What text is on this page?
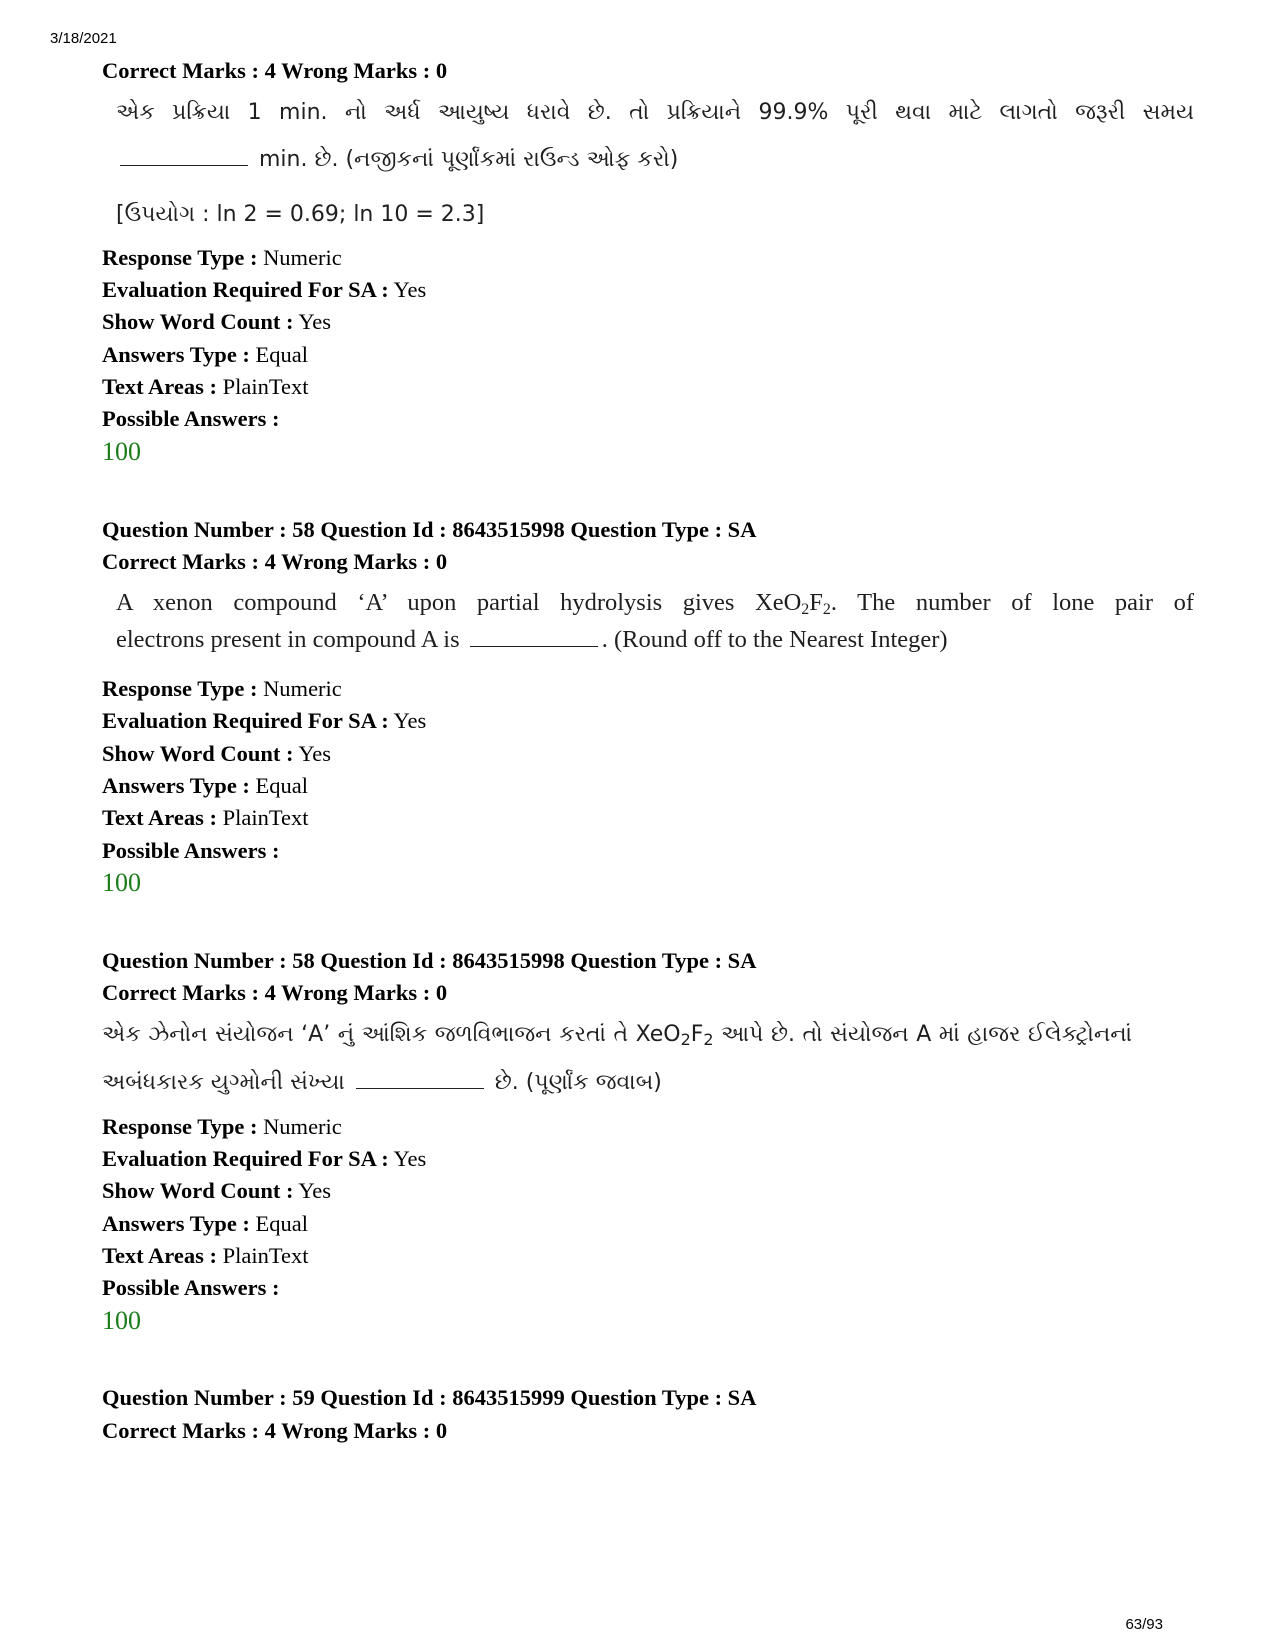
3/18/2021
Correct Marks : 4 Wrong Marks : 0
એક પ્રક્રિયા 1 min. નો અર્ધ આયુષ્ય ધરાવે છે. તો પ્રક્રિયાને 99.9% પૂરી થવા માટે લાગતો જરૂરી સમય
min. છે. (નજીકનાં પૂર્ણાંકમાં રાઉન્ડ ઓફ કરો)
[ઉપયોગ : ln 2 = 0.69; ln 10 = 2.3]
Response Type : Numeric
Evaluation Required For SA : Yes
Show Word Count : Yes
Answers Type : Equal
Text Areas : PlainText
Possible Answers :
100
Question Number : 58 Question Id : 8643515998 Question Type : SA
Correct Marks : 4 Wrong Marks : 0
A xenon compound ‘A’ upon partial hydrolysis gives $XeO_2F_2$. The number of lone pair of
electrons present in compound A is	. (Round off to the Nearest Integer)
Response Type : Numeric
Evaluation Required For SA : Yes
Show Word Count : Yes
Answers Type : Equal
Text Areas : PlainText
Possible Answers :
100
Question Number : 58 Question Id : 8643515998 Question Type : SA
Correct Marks : 4 Wrong Marks : 0
એક ઝેનોન સંયોજન ‘A’ નું આંશિક જળવિભાજન કરતાં તે $XeO_2F_2$ આપે છે. તો સંયોજન A માં હાજર ઈલેક્ટ્રોનનાં
અબંધકારક યુગ્મોની સંખ્યા	છે. (પૂર્ણાંક જવાબ)
Response Type : Numeric
Evaluation Required For SA : Yes
Show Word Count : Yes
Answers Type : Equal
Text Areas : PlainText
Possible Answers :
100
Question Number : 59 Question Id : 8643515999 Question Type : SA
Correct Marks : 4 Wrong Marks : 0
63/93
